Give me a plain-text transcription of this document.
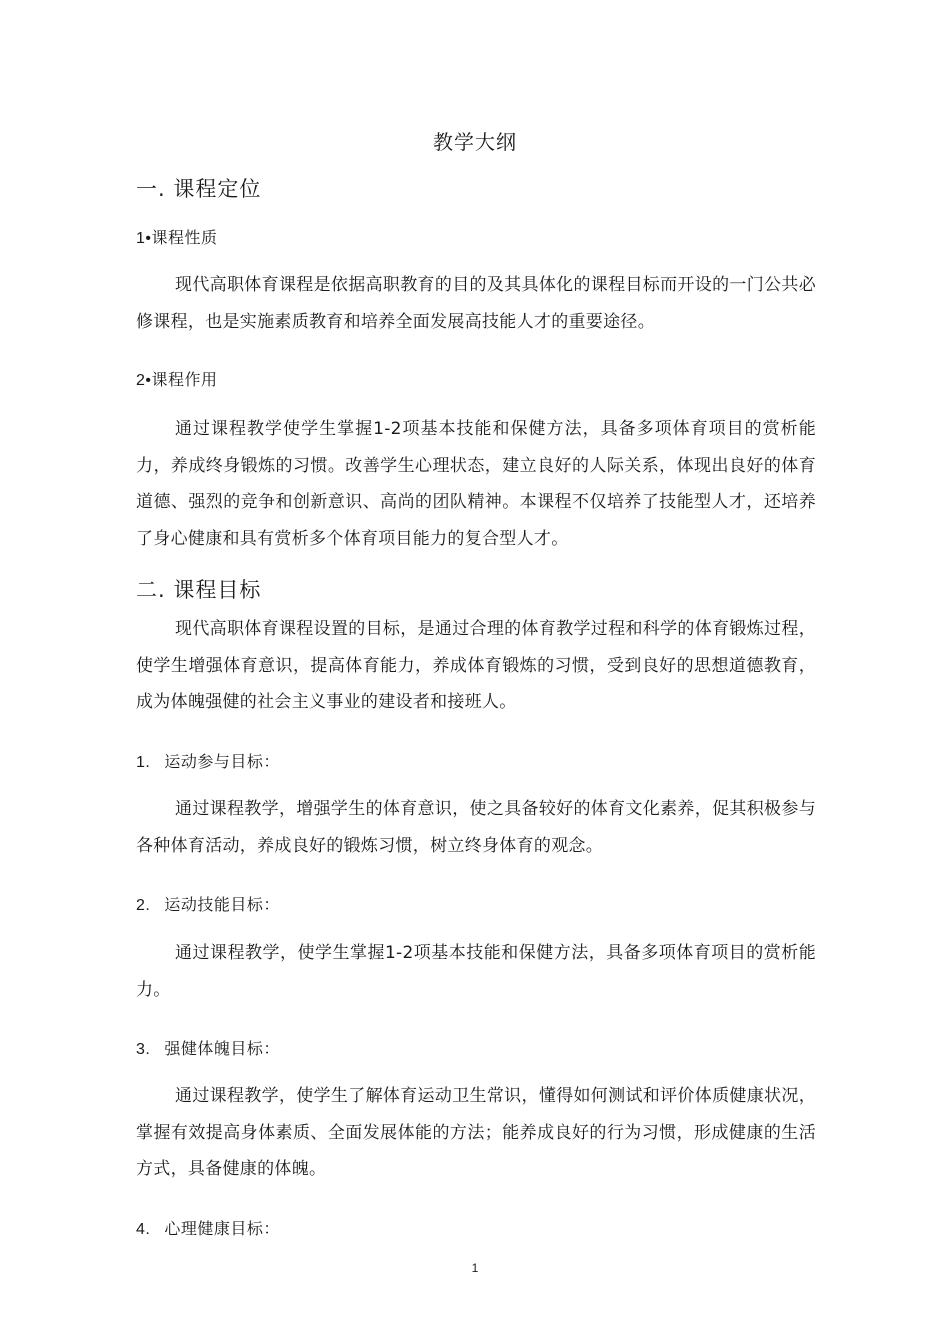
教学大纲
一. 课程定位
1•课程性质
现代高职体育课程是依据高职教育的目的及其具体化的课程目标而开设的一门公共必修课程，也是实施素质教育和培养全面发展高技能人才的重要途径。
2•课程作用
通过课程教学使学生掌握1-2项基本技能和保健方法，具备多项体育项目的赏析能力，养成终身锻炼的习惯。改善学生心理状态，建立良好的人际关系，体现出良好的体育道德、强烈的竞争和创新意识、高尚的团队精神。本课程不仅培养了技能型人才，还培养了身心健康和具有赏析多个体育项目能力的复合型人才。
二. 课程目标
现代高职体育课程设置的目标，是通过合理的体育教学过程和科学的体育锻炼过程，使学生增强体育意识，提高体育能力，养成体育锻炼的习惯，受到良好的思想道德教育，成为体魄强健的社会主义事业的建设者和接班人。
1. 运动参与目标：
通过课程教学，增强学生的体育意识，使之具备较好的体育文化素养，促其积极参与各种体育活动，养成良好的锻炼习惯，树立终身体育的观念。
2. 运动技能目标：
通过课程教学，使学生掌握1-2项基本技能和保健方法，具备多项体育项目的赏析能力。
3. 强健体魄目标：
通过课程教学，使学生了解体育运动卫生常识，懂得如何测试和评价体质健康状况，掌握有效提高身体素质、全面发展体能的方法；能养成良好的行为习惯，形成健康的生活方式，具备健康的体魄。
4. 心理健康目标：
1
